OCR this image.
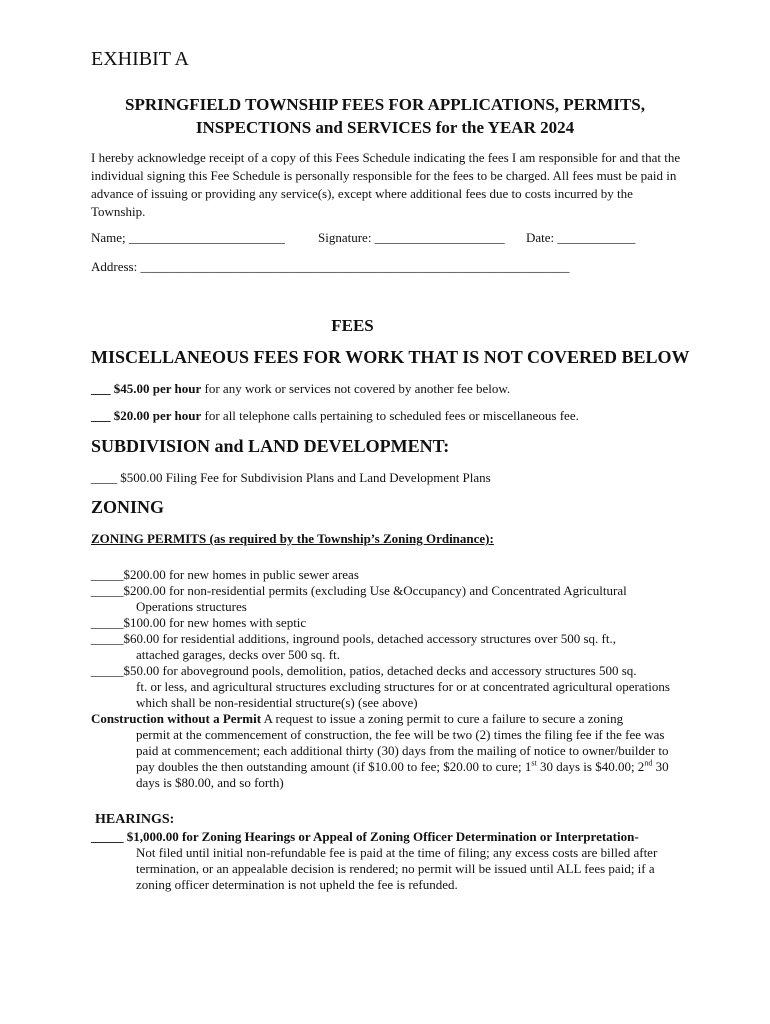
EXHIBIT A
SPRINGFIELD TOWNSHIP FEES FOR APPLICATIONS, PERMITS,
INSPECTIONS and SERVICES for the YEAR 2024
I hereby acknowledge receipt of a copy of this Fees Schedule indicating the fees I am responsible for and that the individual signing this Fee Schedule is personally responsible for the fees to be charged. All fees must be paid in advance of issuing or providing any service(s), except where additional fees due to costs incurred by the Township.
Name; ________________________	Signature: ____________________ Date: ____________
Address: __________________________________________________________________
FEES
MISCELLANEOUS FEES FOR WORK THAT IS NOT COVERED BELOW
___ $45.00 per hour for any work or services not covered by another fee below.
___ $20.00 per hour for all telephone calls pertaining to scheduled fees or miscellaneous fee.
SUBDIVISION and LAND DEVELOPMENT:
____ $500.00 Filing Fee for Subdivision Plans and Land Development Plans
ZONING
ZONING PERMITS (as required by the Township’s Zoning Ordinance):
_____$200.00 for new homes in public sewer areas
_____$200.00 for non-residential permits (excluding Use &Occupancy) and Concentrated Agricultural
Operations structures
_____$100.00 for new homes with septic
_____$60.00 for residential additions, inground pools, detached accessory structures over 500 sq. ft.,
attached garages, decks over 500 sq. ft.
_____$50.00 for aboveground pools, demolition, patios, detached decks and accessory structures 500 sq.
ft. or less, and agricultural structures excluding structures for or at concentrated agricultural operations which shall be non-residential structure(s) (see above)
Construction without a Permit A request to issue a zoning permit to cure a failure to secure a zoning
permit at the commencement of construction, the fee will be two (2) times the filing fee if the fee was paid at commencement; each additional thirty (30) days from the mailing of notice to owner/builder to pay doubles the then outstanding amount (if $10.00 to fee; $20.00 to cure; 1st 30 days is $40.00; 2nd 30 days is $80.00, and so forth)
HEARINGS:
_____ $1,000.00 for Zoning Hearings or Appeal of Zoning Officer Determination or Interpretation-
Not filed until initial non-refundable fee is paid at the time of filing; any excess costs are billed after termination, or an appealable decision is rendered; no permit will be issued until ALL fees paid; if a zoning officer determination is not upheld the fee is refunded.
